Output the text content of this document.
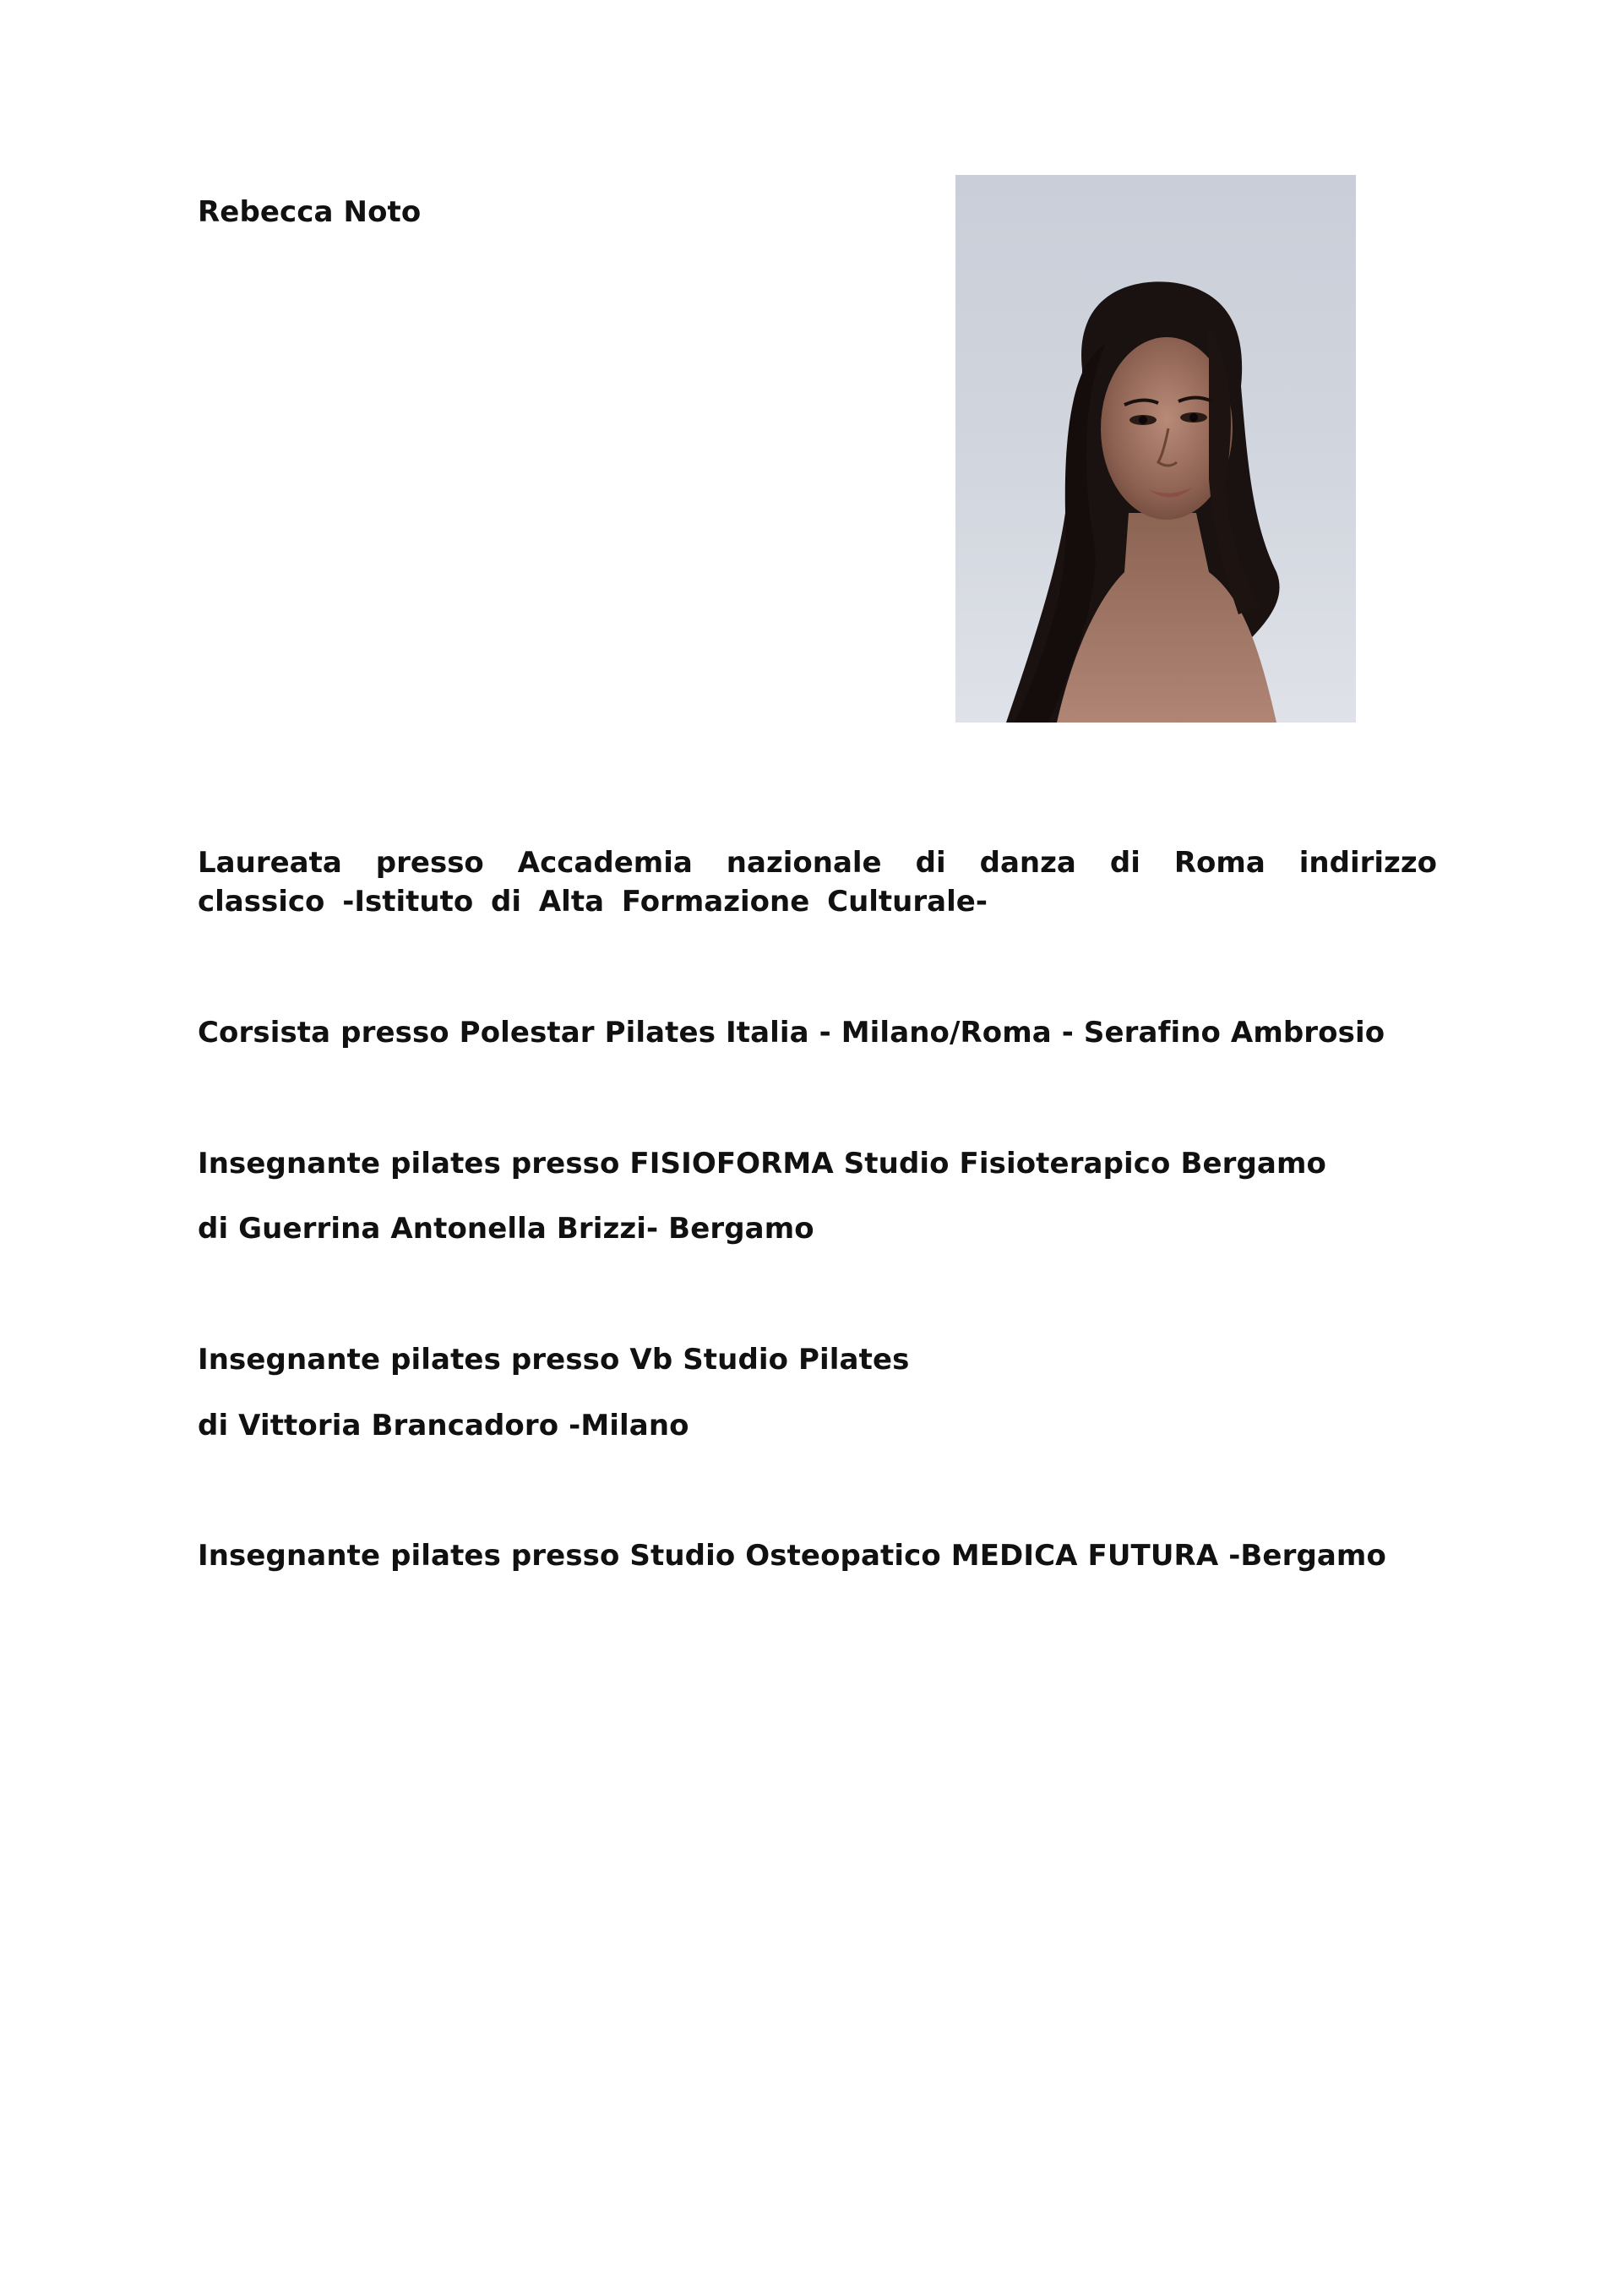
Rebecca Noto

Laureata presso Accademia nazionale di danza di Roma indirizzo classico -Istituto di Alta Formazione Culturale-

Corsista presso Polestar Pilates Italia - Milano/Roma - Serafino Ambrosio

Insegnante pilates presso FISIOFORMA Studio Fisioterapico Bergamo

di Guerrina Antonella Brizzi- Bergamo

Insegnante pilates presso Vb Studio Pilates

di Vittoria Brancadoro -Milano

Insegnante pilates presso Studio Osteopatico MEDICA FUTURA -Bergamo
